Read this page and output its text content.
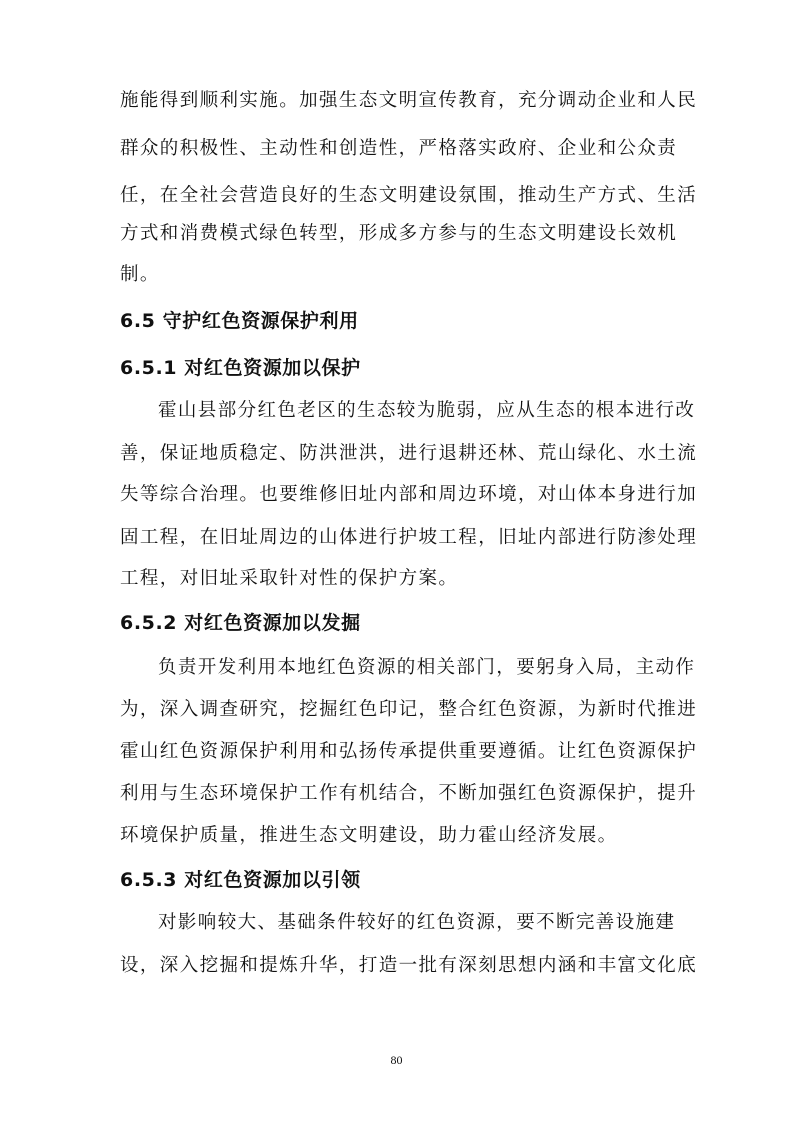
施能得到顺利实施。加强生态文明宣传教育，充分调动企业和人民
群众的积极性、主动性和创造性，严格落实政府、企业和公众责
任，在全社会营造良好的生态文明建设氛围，推动生产方式、生活
方式和消费模式绿色转型，形成多方参与的生态文明建设长效机
制。
6.5 守护红色资源保护利用
6.5.1 对红色资源加以保护
霍山县部分红色老区的生态较为脆弱，应从生态的根本进行改
善，保证地质稳定、防洪泄洪，进行退耕还林、荒山绿化、水土流
失等综合治理。也要维修旧址内部和周边环境，对山体本身进行加
固工程，在旧址周边的山体进行护坡工程，旧址内部进行防渗处理
工程，对旧址采取针对性的保护方案。
6.5.2 对红色资源加以发掘
负责开发利用本地红色资源的相关部门，要躬身入局，主动作
为，深入调查研究，挖掘红色印记，整合红色资源，为新时代推进
霍山红色资源保护利用和弘扬传承提供重要遵循。让红色资源保护
利用与生态环境保护工作有机结合，不断加强红色资源保护，提升
环境保护质量，推进生态文明建设，助力霍山经济发展。
6.5.3 对红色资源加以引领
对影响较大、基础条件较好的红色资源，要不断完善设施建
设，深入挖掘和提炼升华，打造一批有深刻思想内涵和丰富文化底
80
